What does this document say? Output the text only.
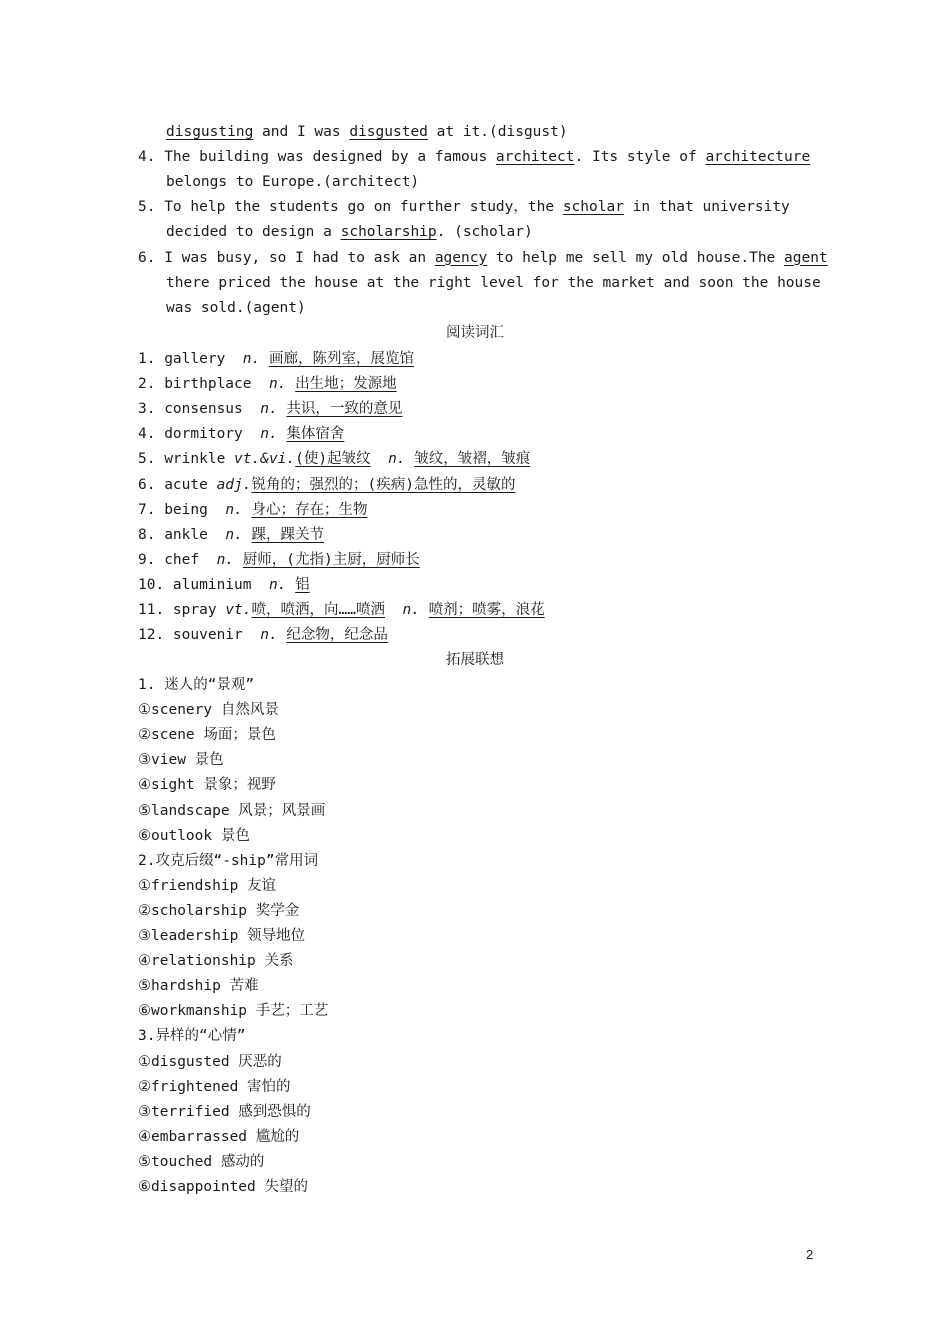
disgusting and I was disgusted at it.(disgust)
4. The building was designed by a famous architect. Its style of architecture
belongs to Europe.(architect)
5. To help the students go on further study，the scholar in that university
decided to design a scholarship. (scholar)
6. I was busy, so I had to ask an agency to help me sell my old house.The agent
there priced the house at the right level for the market and soon the house
was sold.(agent)
阅读词汇
1. gallery  n. 画廊，陈列室，展览馆
2. birthplace  n. 出生地；发源地
3. consensus  n. 共识，一致的意见
4. dormitory  n. 集体宿舍
5. wrinkle vt.&vi.(使)起皱纹 n. 皱纹，皱褶，皱痕
6. acute adj.锐角的；强烈的；(疾病)急性的，灵敏的
7. being  n. 身心；存在；生物
8. ankle  n. 踝，踝关节
9. chef  n. 厨师，(尤指)主厨，厨师长
10. aluminium  n. 铝
11. spray vt.喷，喷洒，向……喷洒 n. 喷剂；喷雾，浪花
12. souvenir  n. 纪念物，纪念品
拓展联想
1. 迷人的“景观”
①scenery 自然风景
②scene 场面；景色
③view 景色
④sight 景象；视野
⑤landscape 风景；风景画
⑥outlook 景色
2.攻克后缀“-ship”常用词
①friendship 友谊
②scholarship 奖学金
③leadership 领导地位
④relationship 关系
⑤hardship 苦难
⑥workmanship 手艺；工艺
3.异样的“心情”
①disgusted 厌恶的
②frightened 害怕的
③terrified 感到恐惧的
④embarrassed 尴尬的
⑤touched 感动的
⑥disappointed 失望的
2
